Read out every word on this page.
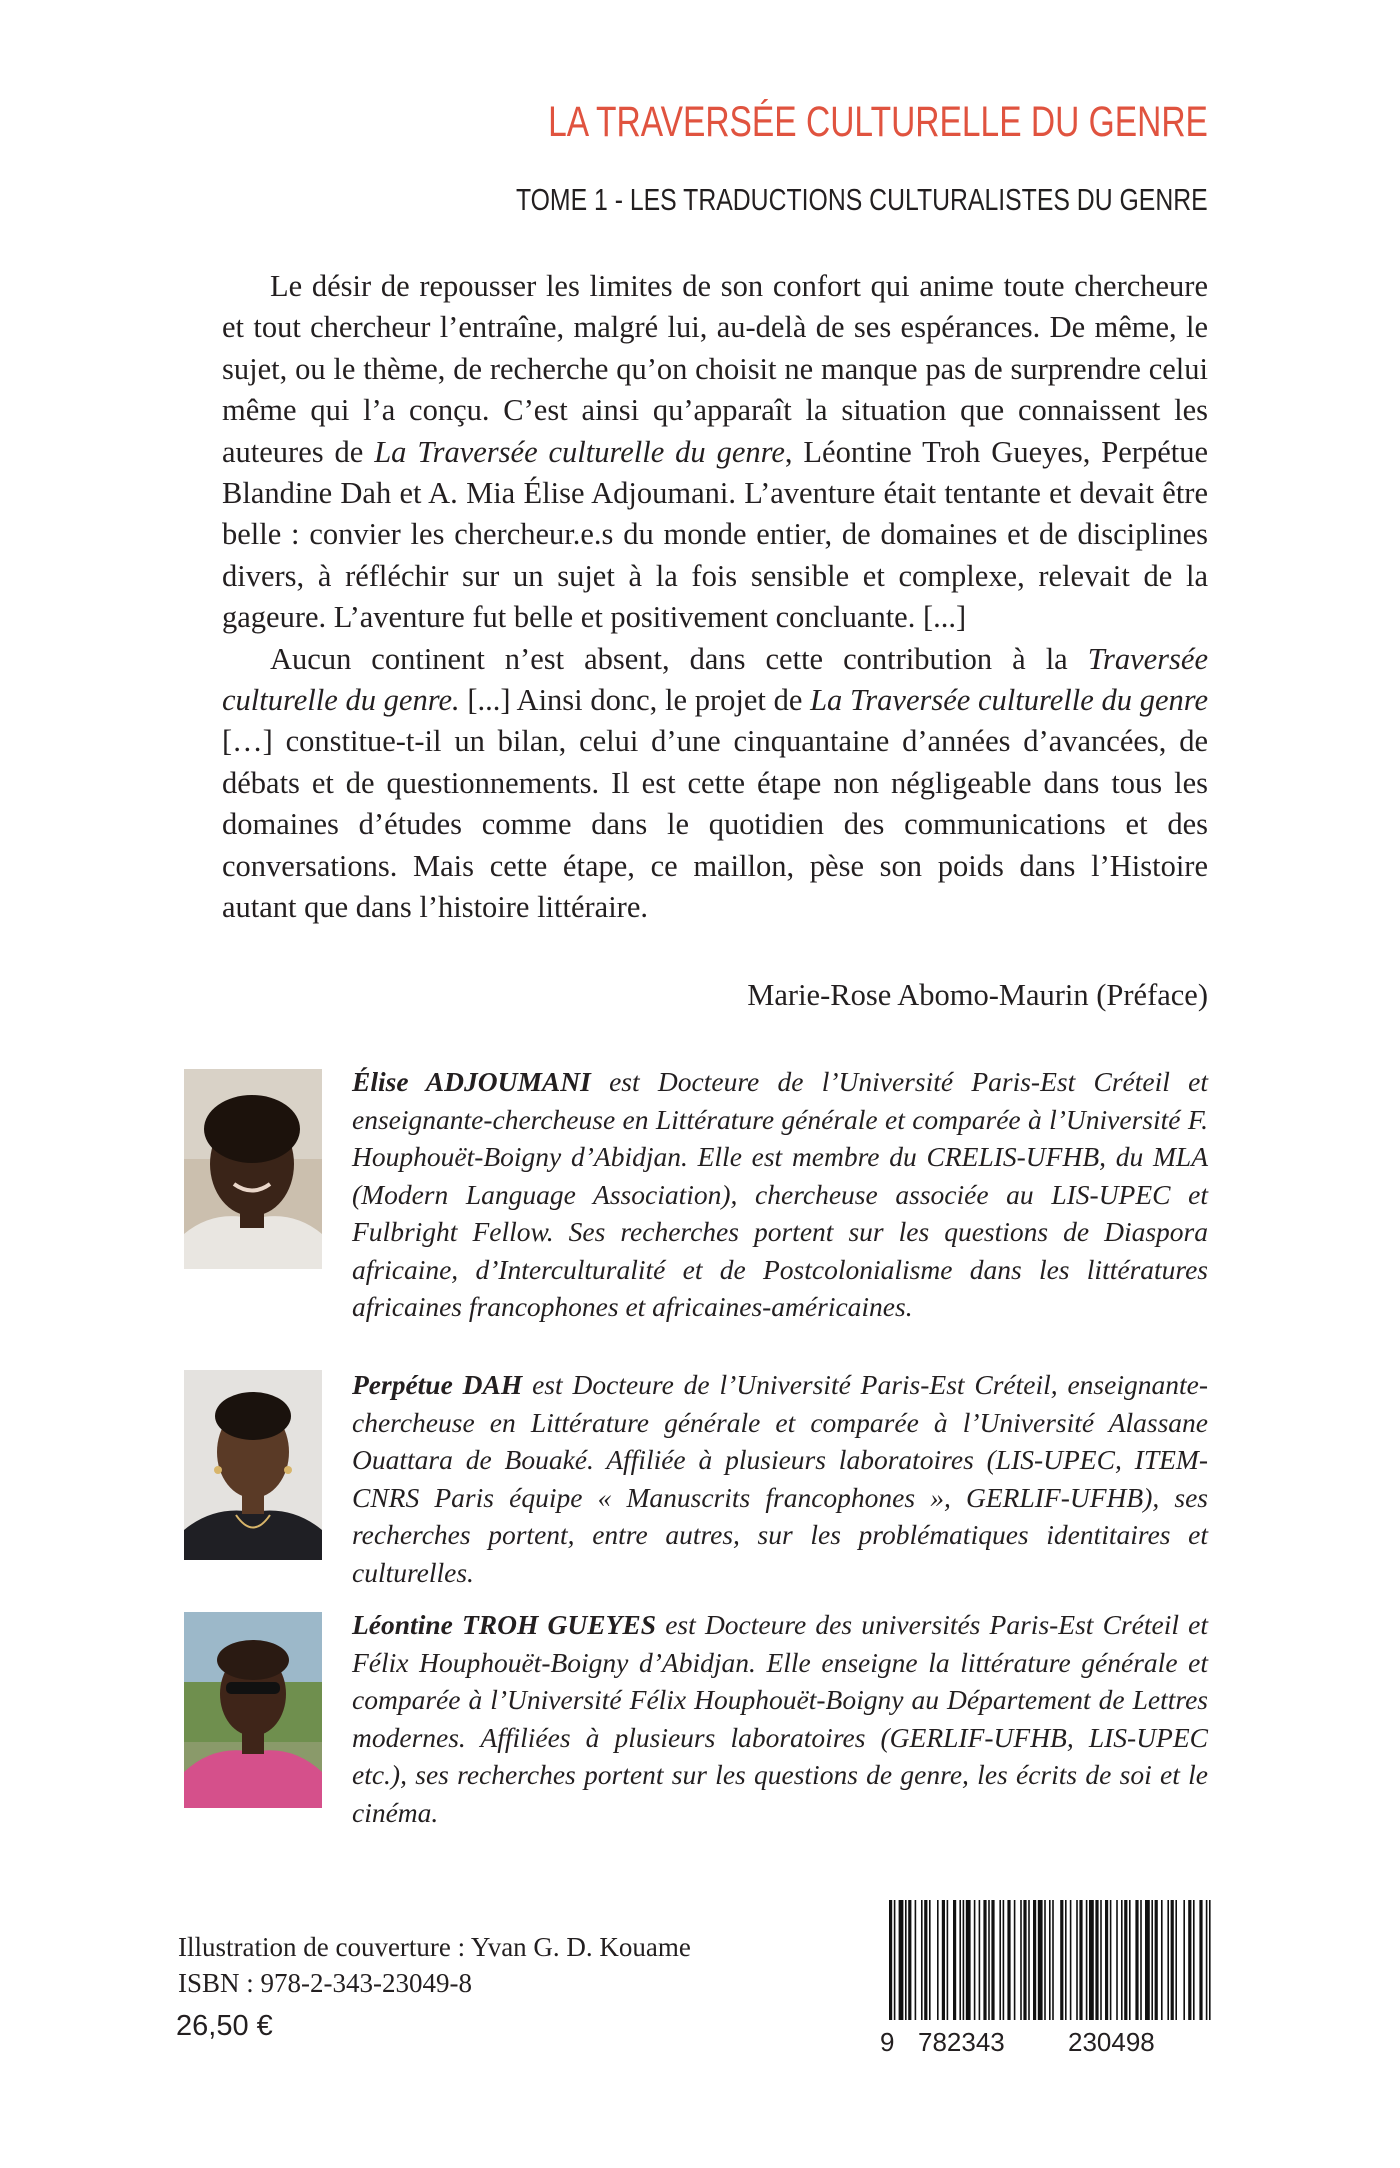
LA TRAVERSÉE CULTURELLE DU GENRE
TOME 1 - LES TRADUCTIONS CULTURALISTES DU GENRE

Le désir de repousser les limites de son confort qui anime toute chercheure et tout chercheur l’entraîne, malgré lui, au-delà de ses espérances. De même, le sujet, ou le thème, de recherche qu’on choisit ne manque pas de surprendre celui même qui l’a conçu. C’est ainsi qu’apparaît la situation que connaissent les auteures de La Traversée culturelle du genre, Léontine Troh Gueyes, Perpétue Blandine Dah et A. Mia Élise Adjoumani. L’aventure était tentante et devait être belle : convier les chercheur.e.s du monde entier, de domaines et de disciplines divers, à réfléchir sur un sujet à la fois sensible et complexe, relevait de la gageure. L’aventure fut belle et positivement concluante. [...]

Aucun continent n’est absent, dans cette contribution à la Traversée culturelle du genre. [...] Ainsi donc, le projet de La Traversée culturelle du genre […] constitue-t-il un bilan, celui d’une cinquantaine d’années d’avancées, de débats et de questionnements. Il est cette étape non négligeable dans tous les domaines d’études comme dans le quotidien des communications et des conversations. Mais cette étape, ce maillon, pèse son poids dans l’Histoire autant que dans l’histoire littéraire.

Marie-Rose Abomo-Maurin (Préface)
Élise ADJOUMANI est Docteure de l’Université Paris-Est Créteil et enseignante-chercheuse en Littérature générale et comparée à l’Université F. Houphouët-Boigny d’Abidjan. Elle est membre du CRELIS-UFHB, du MLA (Modern Language Association), chercheuse associée au LIS-UPEC et Fulbright Fellow. Ses recherches portent sur les questions de Diaspora africaine, d’Interculturalité et de Postcolonialisme dans les littératures africaines francophones et africaines-américaines.
Perpétue DAH est Docteure de l’Université Paris-Est Créteil, enseignante-chercheuse en Littérature générale et comparée à l’Université Alassane Ouattara de Bouaké. Affiliée à plusieurs laboratoires (LIS-UPEC, ITEM-CNRS Paris équipe « Manuscrits francophones », GERLIF-UFHB), ses recherches portent, entre autres, sur les problématiques identitaires et culturelles.
Léontine TROH GUEYES est Docteure des universités Paris-Est Créteil et Félix Houphouët-Boigny d’Abidjan. Elle enseigne la littérature générale et comparée à l’Université Félix Houphouët-Boigny au Département de Lettres modernes. Affiliées à plusieurs laboratoires (GERLIF-UFHB, LIS-UPEC etc.), ses recherches portent sur les questions de genre, les écrits de soi et le cinéma.
Illustration de couverture : Yvan G. D. Kouame
ISBN : 978-2-343-23049-8
26,50 €	9 782343 230498
